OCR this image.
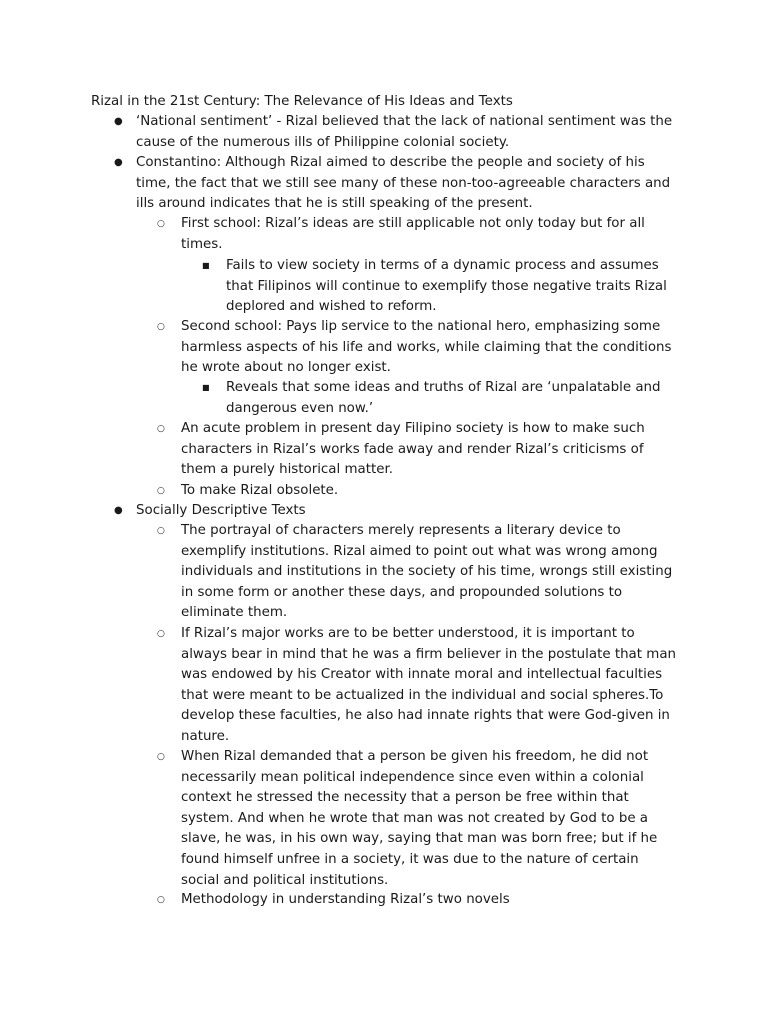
Rizal in the 21st Century: The Relevance of His Ideas and Texts
● ‘National sentiment’ - Rizal believed that the lack of national sentiment was the cause of the numerous ills of Philippine colonial society.
● Constantino: Although Rizal aimed to describe the people and society of his time, the fact that we still see many of these non-too-agreeable characters and ills around indicates that he is still speaking of the present.
○ First school: Rizal’s ideas are still applicable not only today but for all times.
■ Fails to view society in terms of a dynamic process and assumes that Filipinos will continue to exemplify those negative traits Rizal deplored and wished to reform.
○ Second school: Pays lip service to the national hero, emphasizing some harmless aspects of his life and works, while claiming that the conditions he wrote about no longer exist.
■ Reveals that some ideas and truths of Rizal are ‘unpalatable and dangerous even now.’
○ An acute problem in present day Filipino society is how to make such characters in Rizal’s works fade away and render Rizal’s criticisms of them a purely historical matter.
○ To make Rizal obsolete.
● Socially Descriptive Texts
○ The portrayal of characters merely represents a literary device to exemplify institutions. Rizal aimed to point out what was wrong among individuals and institutions in the society of his time, wrongs still existing in some form or another these days, and propounded solutions to eliminate them.
○ If Rizal’s major works are to be better understood, it is important to always bear in mind that he was a firm believer in the postulate that man was endowed by his Creator with innate moral and intellectual faculties that were meant to be actualized in the individual and social spheres.To develop these faculties, he also had innate rights that were God-given in nature.
○ When Rizal demanded that a person be given his freedom, he did not necessarily mean political independence since even within a colonial context he stressed the necessity that a person be free within that system. And when he wrote that man was not created by God to be a slave, he was, in his own way, saying that man was born free; but if he found himself unfree in a society, it was due to the nature of certain social and political institutions.
○ Methodology in understanding Rizal’s two novels
